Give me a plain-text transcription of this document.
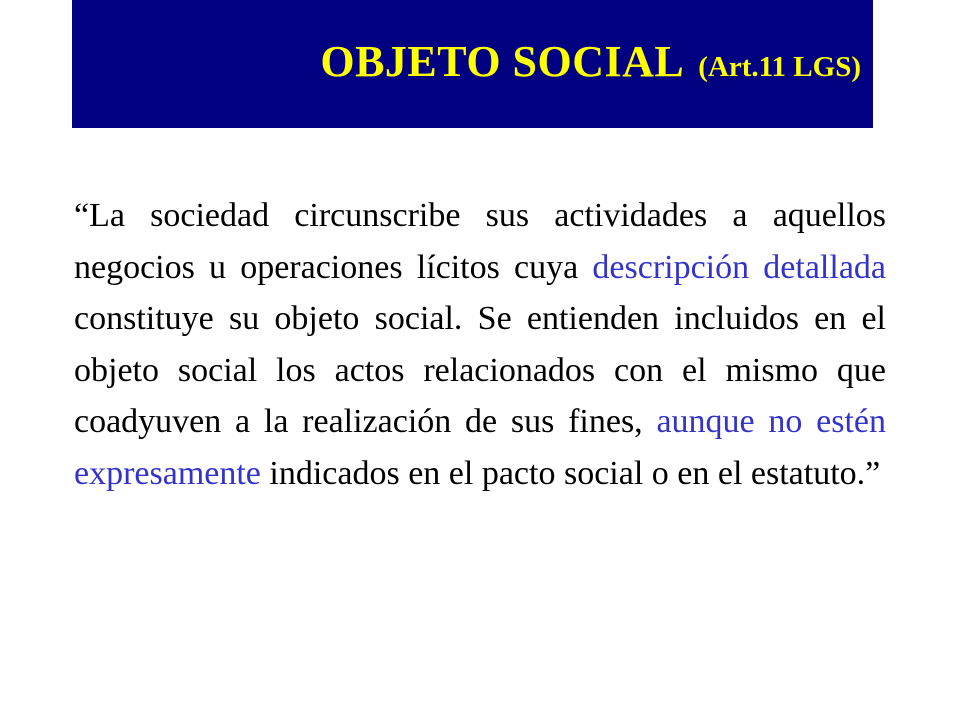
OBJETO SOCIAL (Art.11 LGS)

“La sociedad circunscribe sus actividades a aquellos negocios u operaciones lícitos cuya descripción detallada constituye su objeto social. Se entienden incluidos en el objeto social los actos relacionados con el mismo que coadyuven a la realización de sus fines, aunque no estén expresamente indicados en el pacto social o en el estatuto.”
